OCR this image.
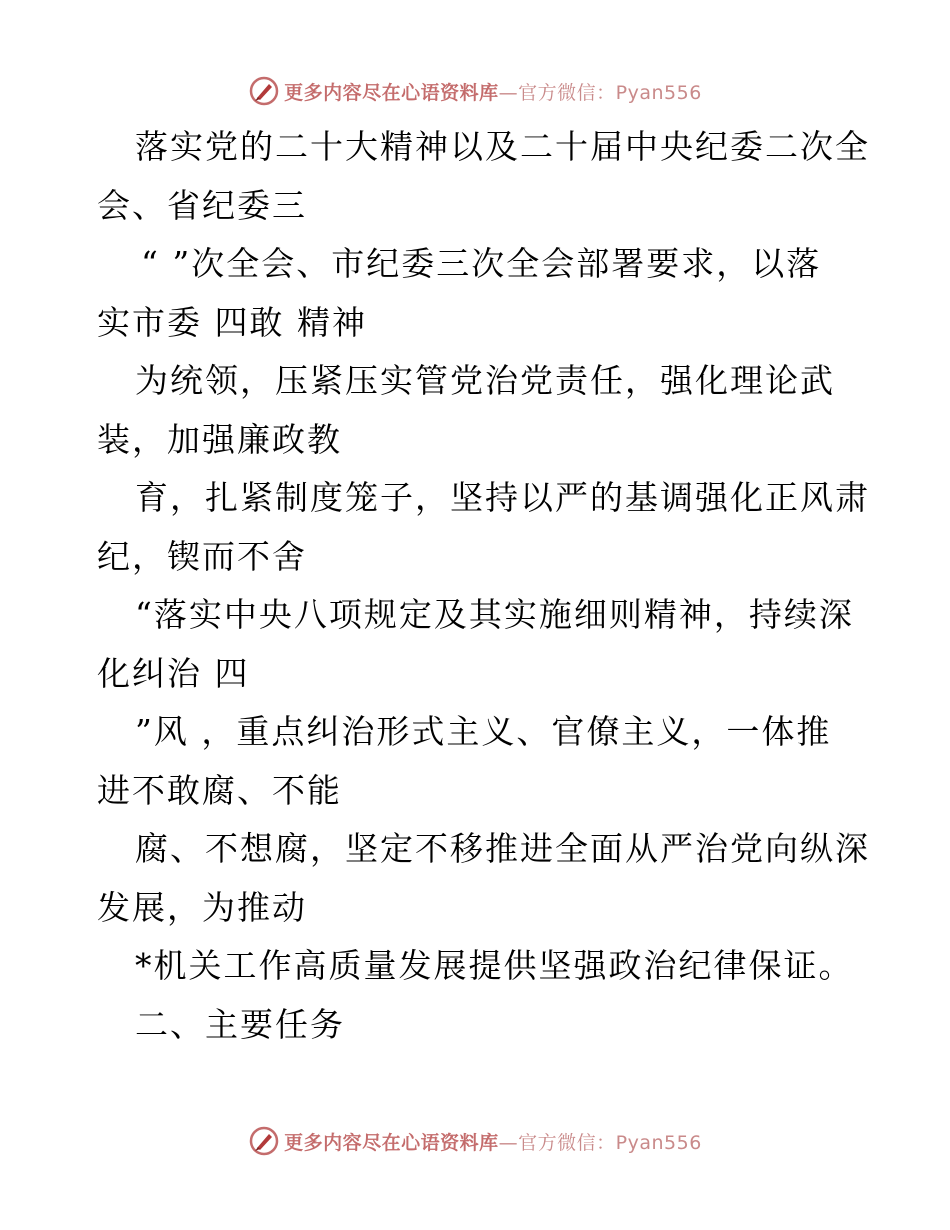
更多内容尽在心语资料库—官方微信：Pyan556
落实党的二十大精神以及二十届中央纪委二次全
会、省纪委三
“ ”次全会、市纪委三次全会部署要求，以落
实市委 四敢 精神
为统领，压紧压实管党治党责任，强化理论武
装，加强廉政教
育，扎紧制度笼子，坚持以严的基调强化正风肃
纪，锲而不舍
“落实中央八项规定及其实施细则精神，持续深
化纠治 四
”风 ，重点纠治形式主义、官僚主义，一体推
进不敢腐、不能
腐、不想腐，坚定不移推进全面从严治党向纵深
发展，为推动
*机关工作高质量发展提供坚强政治纪律保证。
二、主要任务
更多内容尽在心语资料库—官方微信：Pyan556
